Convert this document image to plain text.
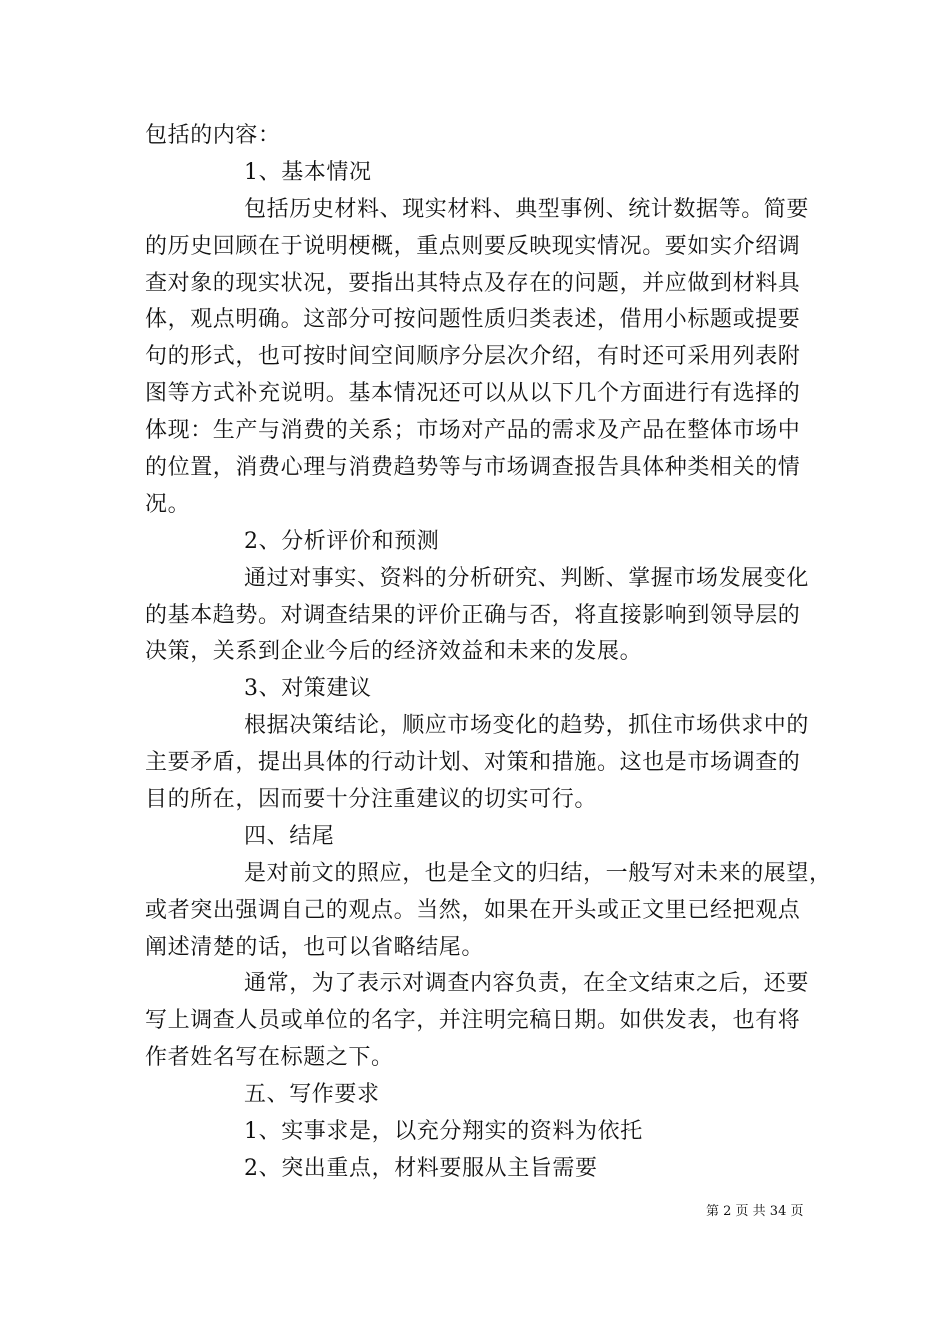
包括的内容：
1、基本情况
包括历史材料、现实材料、典型事例、统计数据等。简要
的历史回顾在于说明梗概，重点则要反映现实情况。要如实介绍调
查对象的现实状况，要指出其特点及存在的问题，并应做到材料具
体，观点明确。这部分可按问题性质归类表述，借用小标题或提要
句的形式，也可按时间空间顺序分层次介绍，有时还可采用列表附
图等方式补充说明。基本情况还可以从以下几个方面进行有选择的
体现：生产与消费的关系；市场对产品的需求及产品在整体市场中
的位置，消费心理与消费趋势等与市场调查报告具体种类相关的情
况。
2、分析评价和预测
通过对事实、资料的分析研究、判断、掌握市场发展变化
的基本趋势。对调查结果的评价正确与否，将直接影响到领导层的
决策，关系到企业今后的经济效益和未来的发展。
3、对策建议
根据决策结论，顺应市场变化的趋势，抓住市场供求中的
主要矛盾，提出具体的行动计划、对策和措施。这也是市场调查的
目的所在，因而要十分注重建议的切实可行。
四、结尾
是对前文的照应，也是全文的归结，一般写对未来的展望，
或者突出强调自己的观点。当然，如果在开头或正文里已经把观点
阐述清楚的话，也可以省略结尾。
通常，为了表示对调查内容负责，在全文结束之后，还要
写上调查人员或单位的名字，并注明完稿日期。如供发表，也有将
作者姓名写在标题之下。
五、写作要求
1、实事求是，以充分翔实的资料为依托
2、突出重点，材料要服从主旨需要
第 2 页 共 34 页
